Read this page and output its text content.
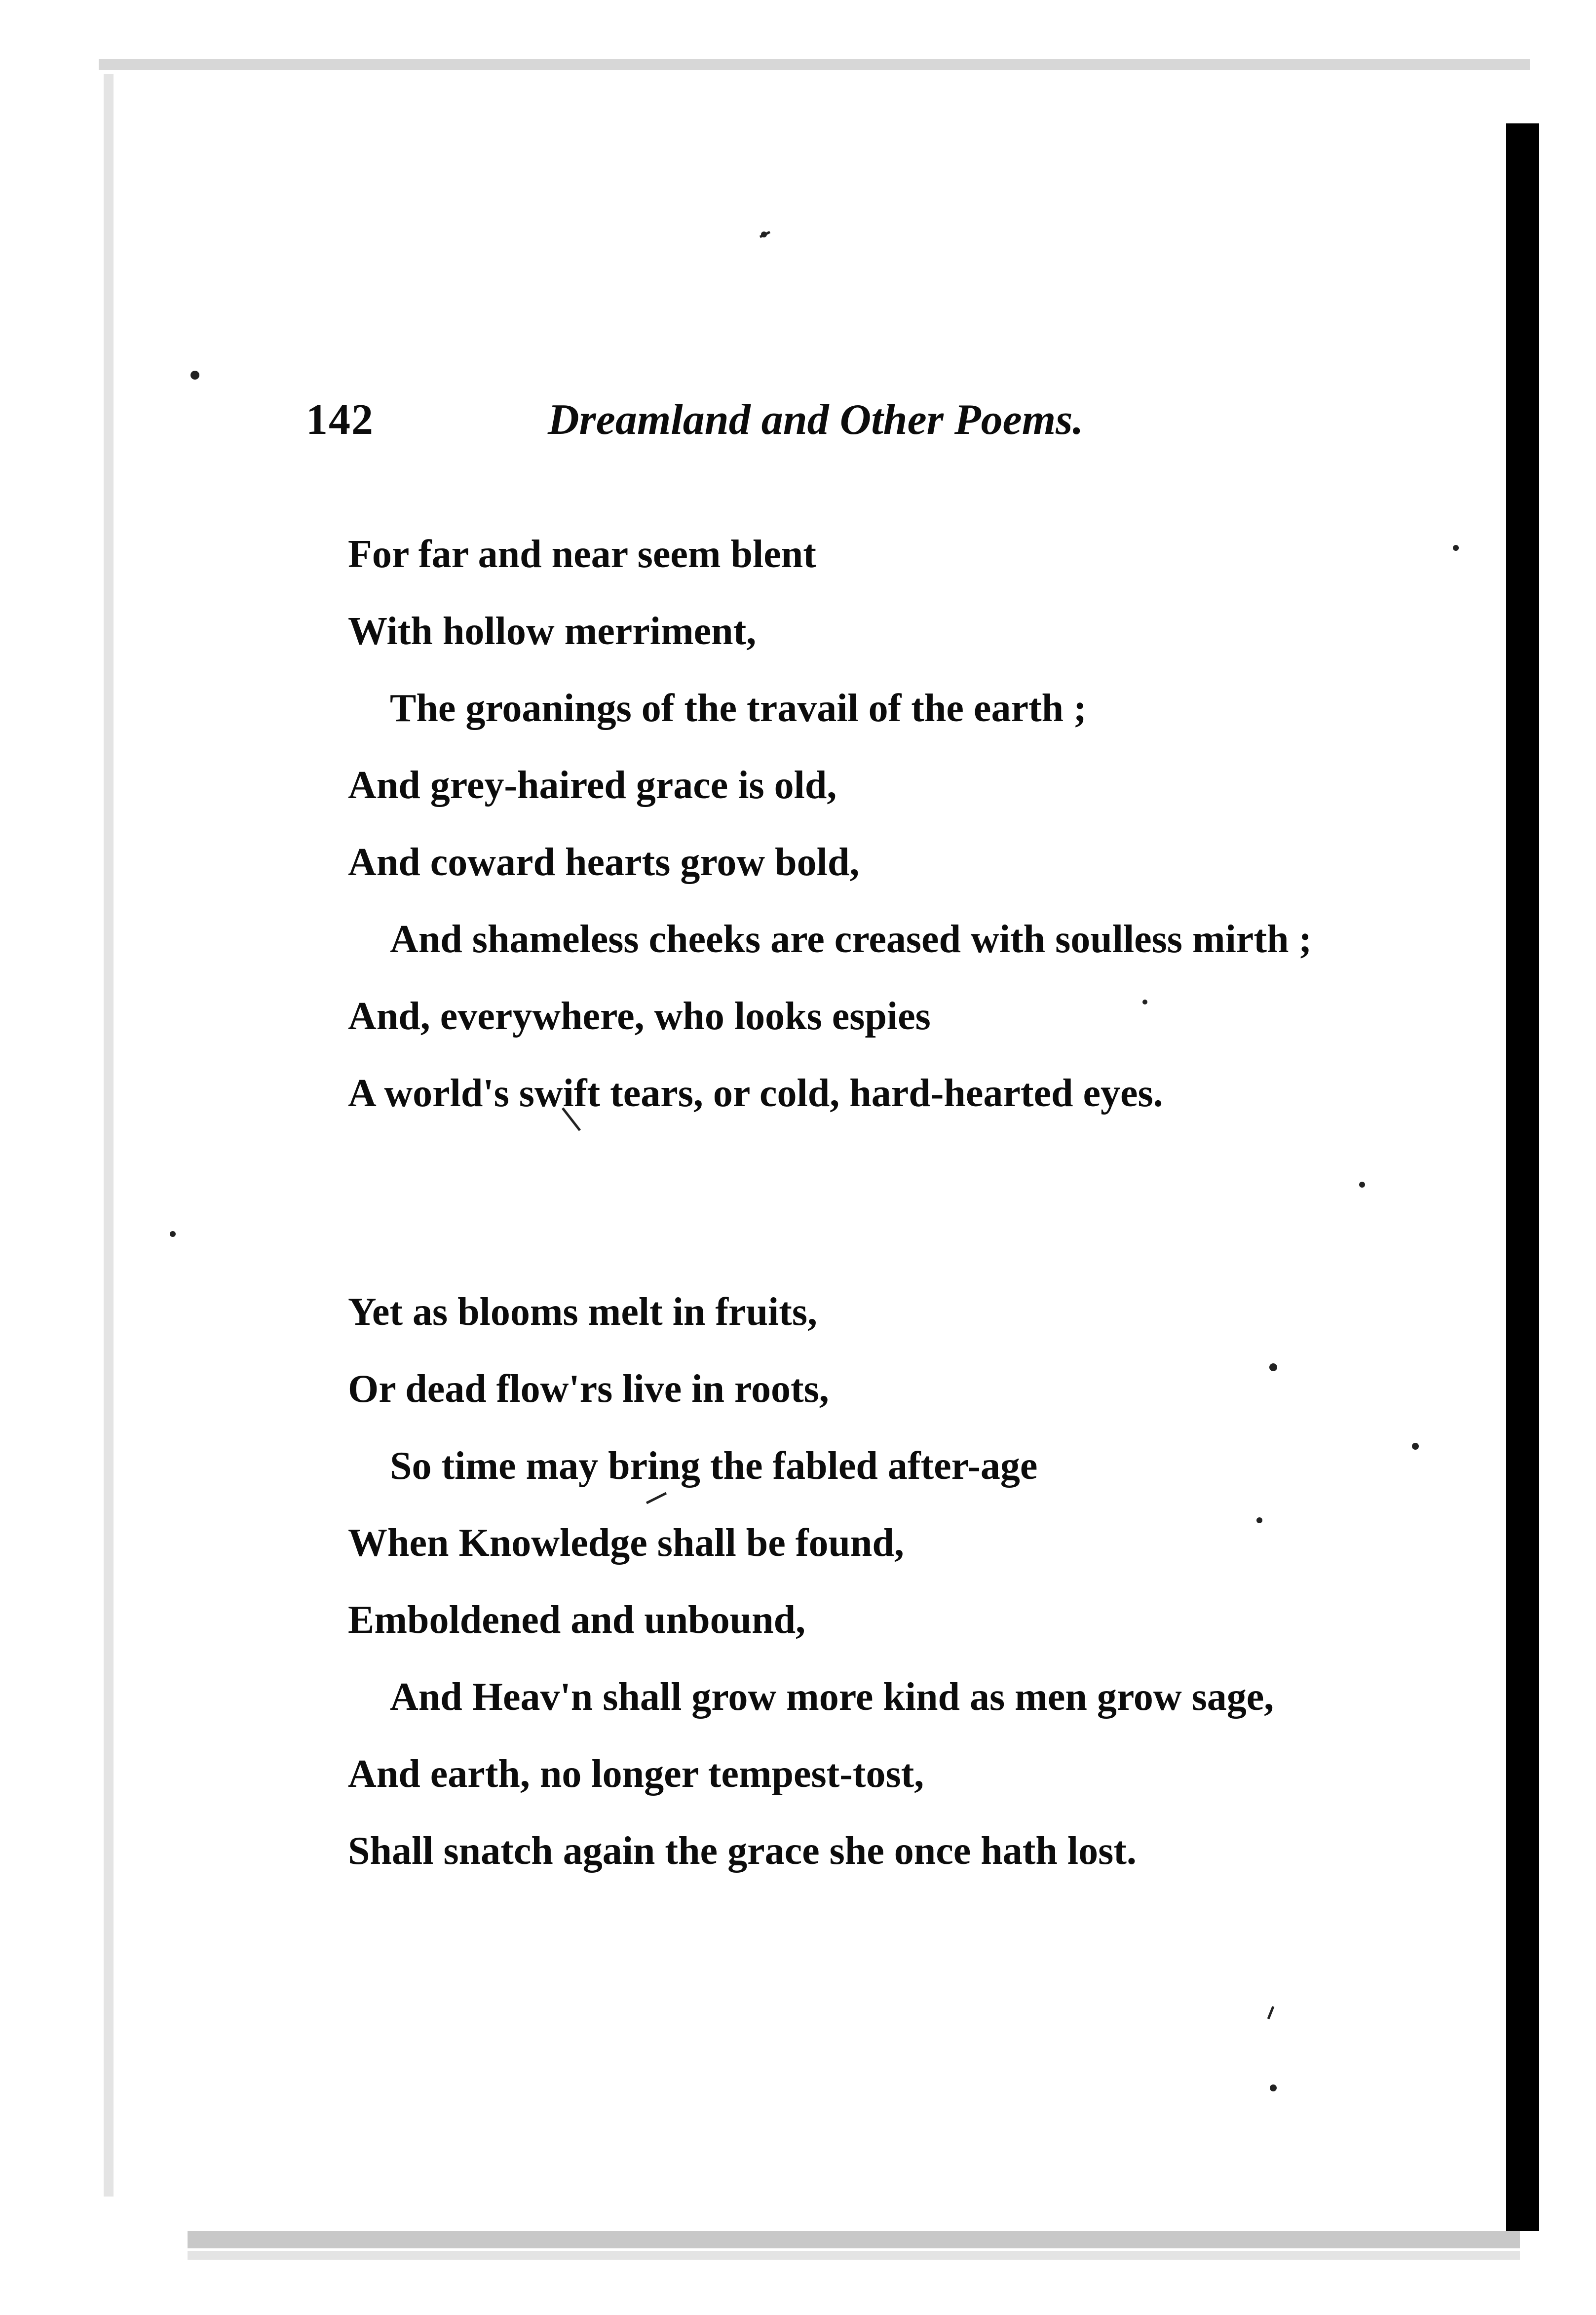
142	Dreamland and Other Poems.
For far and near seem blent
With hollow merriment,
The groanings of the travail of the earth ;
And grey-haired grace is old,
And coward hearts grow bold,
And shameless cheeks are creased with soulless mirth ;
And, everywhere, who looks espies
A world's swift tears, or cold, hard-hearted eyes.
Yet as blooms melt in fruits,
Or dead flow'rs live in roots,
So time may bring the fabled after-age
When Knowledge shall be found,
Emboldened and unbound,
And Heav'n shall grow more kind as men grow sage,
And earth, no longer tempest-tost,
Shall snatch again the grace she once hath lost.
